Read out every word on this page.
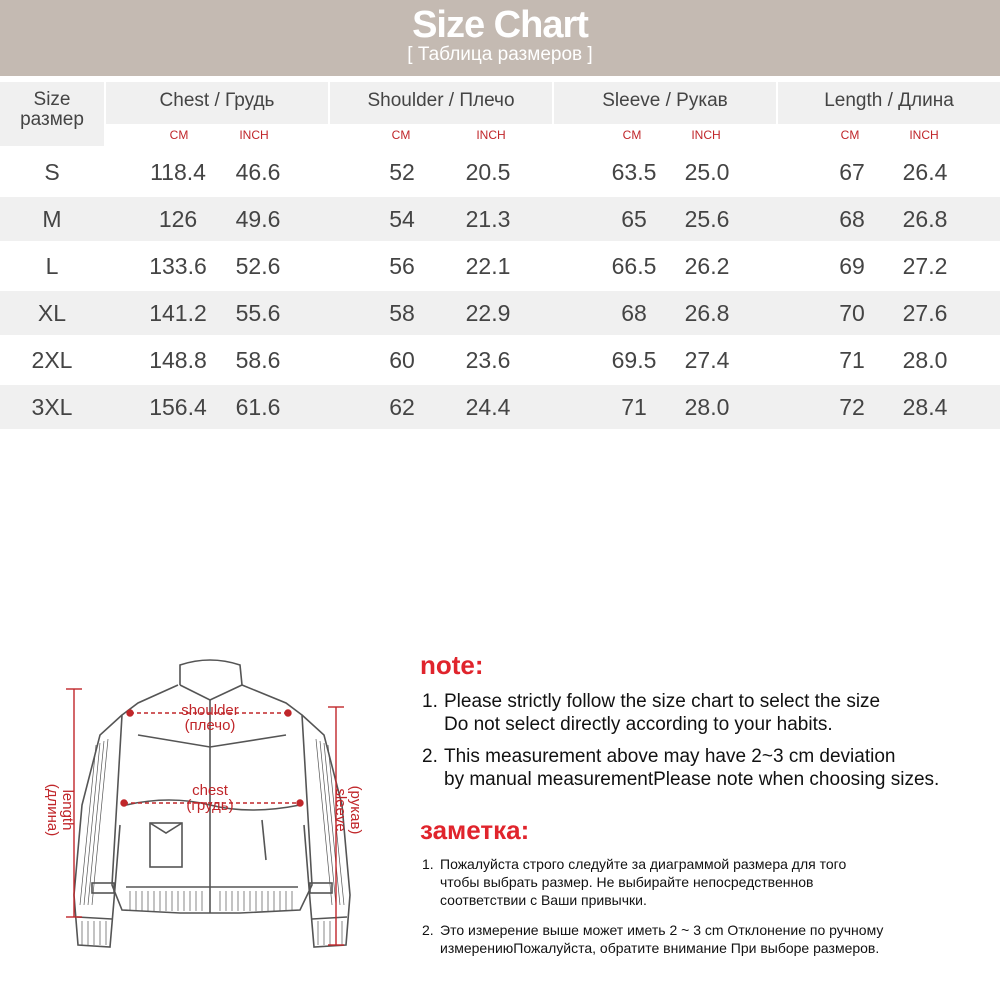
Size Chart
[ Таблица размеров ]
Size
размер
Chest / Грудь
CM	INCH
Shoulder / Плечо
CM	INCH
Sleeve / Рукав
CM	INCH
Length / Длина
CM	INCH
S	118.4	46.6	52	20.5	63.5	25.0	67	26.4
M	126	49.6	54	21.3	65	25.6	68	26.8
L	133.6	52.6	56	22.1	66.5	26.2	69	27.2
XL	141.2	55.6	58	22.9	68	26.8	70	27.6
2XL	148.8	58.6	60	23.6	69.5	27.4	71	28.0
3XL	156.4	61.6	62	24.4	71	28.0	72	28.4
shoulder
(плечо)
chest
(грудь)
length
(длина)	(рукав)
sleeve
note:
1. Please strictly follow the size chart to select the size
Do not select directly according to your habits.
2. This measurement above may have 2~3 cm deviation
by manual measurementPlease note when choosing sizes.
заметка:
1. Пожалуйста строго следуйте за диаграммой размера для того
чтобы выбрать размер. Не выбирайте непосредственнов
соответствии с Ваши привычки.
2. Это измерение выше может иметь 2 ~ 3 cm Отклонение по ручному
измерениюПожалуйста, обратите внимание При выборе размеров.
